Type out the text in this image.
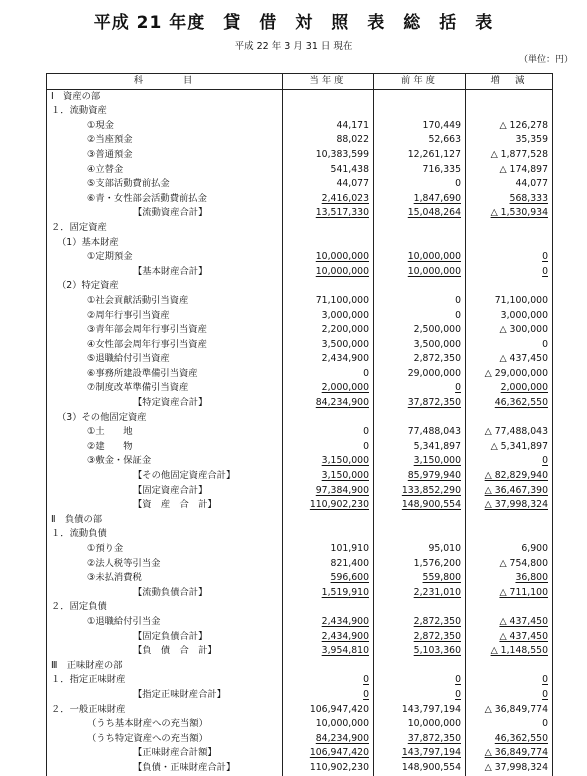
平成 21 年度　貸　借　対　照　表　総　括　表
平成 22 年 3 月 31 日 現在
（単位：円）
科　　　目	当年度	前年度	増　減
Ⅰ　資産の部			
１．流動資産			
①現金	44,171	170,449	△ 126,278
②当座預金	88,022	52,663	35,359
③普通預金	10,383,599	12,261,127	△ 1,877,528
④立替金	541,438	716,335	△ 174,897
⑤支部活動費前払金	44,077	0	44,077
⑥青・女性部会活動費前払金	2,416,023	1,847,690	568,333
【流動資産合計】	13,517,330	15,048,264	△ 1,530,934
２．固定資産			
（1）基本財産			
①定期預金	10,000,000	10,000,000	0
【基本財産合計】	10,000,000	10,000,000	0
（2）特定資産			
①社会貢献活動引当資産	71,100,000	0	71,100,000
②周年行事引当資産	3,000,000	0	3,000,000
③青年部会周年行事引当資産	2,200,000	2,500,000	△ 300,000
④女性部会周年行事引当資産	3,500,000	3,500,000	0
⑤退職給付引当資産	2,434,900	2,872,350	△ 437,450
⑥事務所建設準備引当資産	0	29,000,000	△ 29,000,000
⑦制度改革準備引当資産	2,000,000	0	2,000,000
【特定資産合計】	84,234,900	37,872,350	46,362,550
（3）その他固定資産			
①土　　地	0	77,488,043	△ 77,488,043
②建　　物	0	5,341,897	△ 5,341,897
③敷金・保証金	3,150,000	3,150,000	0
【その他固定資産合計】	3,150,000	85,979,940	△ 82,829,940
【固定資産合計】	97,384,900	133,852,290	△ 36,467,390
【資　産　合　計】	110,902,230	148,900,554	△ 37,998,324
Ⅱ　負債の部			
１．流動負債			
①預り金	101,910	95,010	6,900
②法人税等引当金	821,400	1,576,200	△ 754,800
③未払消費税	596,600	559,800	36,800
【流動負債合計】	1,519,910	2,231,010	△ 711,100
２．固定負債			
①退職給付引当金	2,434,900	2,872,350	△ 437,450
【固定負債合計】	2,434,900	2,872,350	△ 437,450
【負　債　合　計】	3,954,810	5,103,360	△ 1,148,550
Ⅲ　正味財産の部			
１．指定正味財産	0	0	0
【指定正味財産合計】	0	0	0
２．一般正味財産	106,947,420	143,797,194	△ 36,849,774
（うち基本財産への充当額）	10,000,000	10,000,000	0
（うち特定資産への充当額）	84,234,900	37,872,350	46,362,550
【正味財産合計額】	106,947,420	143,797,194	△ 36,849,774
【負債・正味財産合計】	110,902,230	148,900,554	△ 37,998,324
